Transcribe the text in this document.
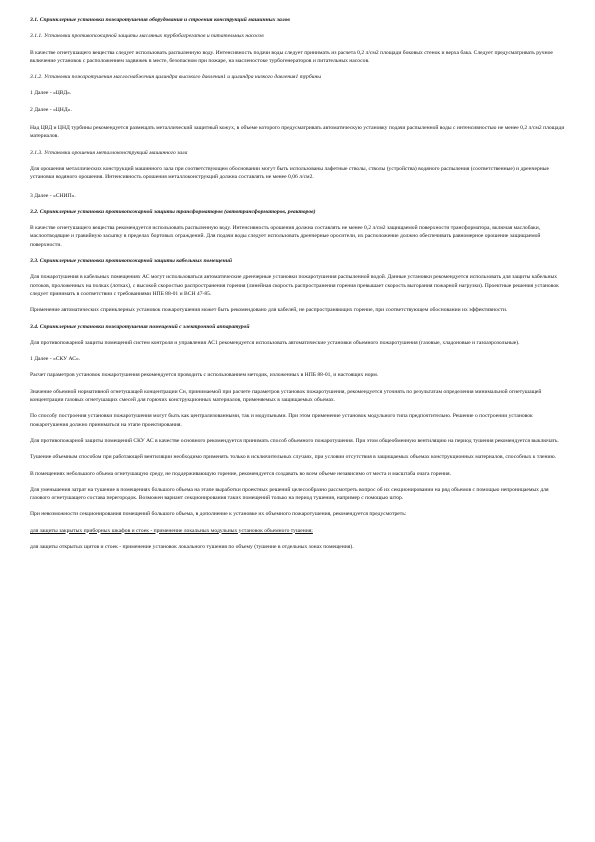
3.1. Спринклерные установки пожаротушения оборудования и строения конструкций машинных залов

3.1.1. Установки противопожарной защиты масляных турбобагрегатов и питательных насосов

В качестве огнетушащего вещества следует использовать распыленную воду. Интенсивность подачи воды следует принимать из расчета 0,2 л/см2 площади боковых стенок и верха бака. Следует предусматривать ручное включение установок с расположением задвижек в месте, безопасном при пожаре, на масленостоке турбогенераторов и питательных насосов.

3.1.2. Установки пожаротушения маслоснабжения цилиндра высокого давления1 и цилиндра низкого давления1 турбины

1 Далее - «ЦВД».

2 Далее - «ЦНД».

Над ЦВД и ЦНД турбины рекомендуется размещать металлический защитный кожух, в объеме которого предусматривать автоматическую установку подачи распыленной воды с интенсивностью не менее 0,2 л/см2 площади материалов.

3.1.3. Установки орошения металлоконструкций машинного зала

Для орошения металлических конструкций машинного зала при соответствующем обосновании могут быть использованы лафетные стволы, стволы (устройства) водяного распыления (соответственные) и дренчерные установки водяного орошения. Интенсивность орошения металлоконструкций должна составлять не менее 0,06 л/см2.

3 Далее - «СНИП».

3.2. Спринклерные установки противопожарной защиты трансформаторов (автотрансформаторов, реакторов)

В качестве огнетушащего вещества рекомендуется использовать распыленную воду. Интенсивность орошения должна составлять не менее 0,2 л/см2 защищаемой поверхности трансформатора, включая маслобаки, маслоотводящие и гравийную засыпку в пределах бортовых ограждений. Для подачи воды следует использовать дренчерные оросители, их расположение должно обеспечивать равномерное орошение защищаемой поверхности.

3.3. Спринклерные установки противопожарной защиты кабельных помещений

Для пожаротушения в кабельных помещениях АС могут использоваться автоматические дренчерные установки пожаротушения распыленной водой. Данные установки рекомендуется использовать для защиты кабельных потоков, проложенных на полках (лотках), с высокой скоростью распространения горения (линейная скорость распространения горения превышает скорость выгорания пожарной нагрузки). Проектные решения установок следует принимать в соответствии с требованиями НПБ 88-01 и ВСН 47-85.

Применение автоматических спринклерных установок пожаротушения может быть рекомендовано для кабелей, не распространяющих горение, при соответствующем обосновании их эффективности.

3.4. Спринклерные установки пожаротушения помещений с электронной аппаратурой

Для противопожарной защиты помещений систем контроля и управления АС1 рекомендуется использовать автоматические установки объемного пожаротушения (газовые, хладоновые и газоаэрозольные).

1 Далее - «СКУ АС».

Расчет параметров установок пожаротушения рекомендуется проводить с использованием методик, изложенных в НПБ 88-01, и настоящих норм.

Значение объемной нормативной огнетушащей концентрации Сн, принимаемой при расчете параметров установок пожаротушения, рекомендуется уточнять по результатам определения минимальной огнетушащей концентрации газовых огнетушащих смесей для горючих конструкционных материалов, применяемых в защищаемых объемах.

По способу построения установки пожаротушения могут быть как централизованными, так и модульными. При этом применение установок модульного типа предпочтительно. Решение о построении установок пожаротушения должно приниматься на этапе проектирования.

Для противопожарной защиты помещений СКУ АС в качестве основного рекомендуется принимать способ объемного пожаротушения. При этом общеобменную вентиляцию на период тушения рекомендуется выключать.

Тушение объемным способом при работающей вентиляции необходимо применять только в исключительных случаях, при условии отсутствия в защищаемых объемах конструкционных материалов, способных к тлению.

В помещениях небольшого объема огнетушащую среду, не поддерживающую горение, рекомендуется создавать во всем объеме независимо от места и масштаба очага горения.

Для уменьшения затрат на тушение в помещениях большого объема на этапе выработки проектных решений целесообразно рассмотреть вопрос об их секционировании на ряд объемов с помощью непроницаемых для газового огнетушащего состава перегородок. Возможен вариант секционирования таких помещений только на период тушения, например с помощью штор.

При невозможности секционирования помещений большого объема, в дополнение к установке их объемного пожаротушения, рекомендуется предусмотреть:

для защиты закрытых приборных шкафов и стоек - применение локальных модульных установок объемного тушения;

для защиты открытых щитов и стоек - применение установок локального тушения по объему (тушение в отдельных зонах помещения).
